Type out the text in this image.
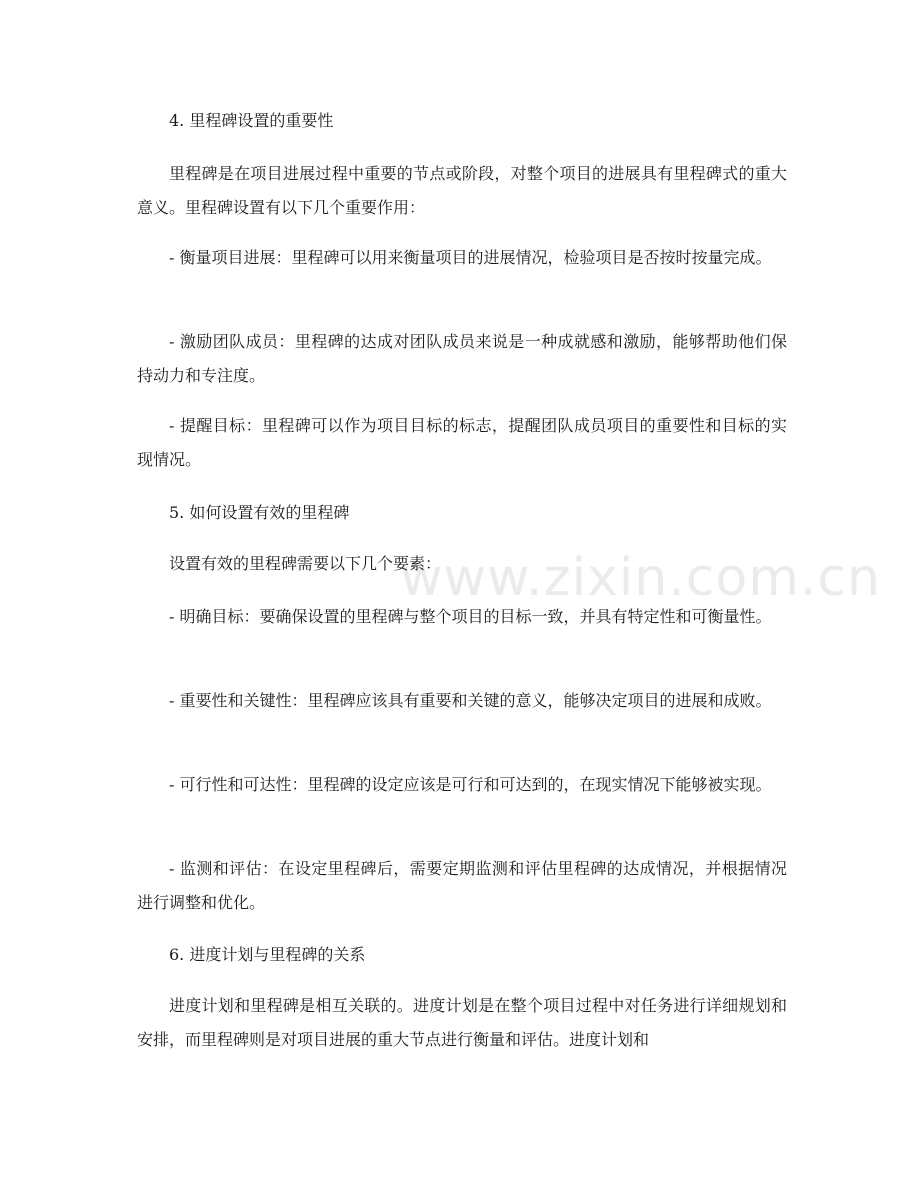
www.zixin.com.cn

4. 里程碑设置的重要性

里程碑是在项目进展过程中重要的节点或阶段，对整个项目的进展具有里程碑式的重大意义。里程碑设置有以下几个重要作用：

- 衡量项目进展：里程碑可以用来衡量项目的进展情况，检验项目是否按时按量完成。

- 激励团队成员：里程碑的达成对团队成员来说是一种成就感和激励，能够帮助他们保持动力和专注度。

- 提醒目标：里程碑可以作为项目目标的标志，提醒团队成员项目的重要性和目标的实现情况。

5. 如何设置有效的里程碑

设置有效的里程碑需要以下几个要素：

- 明确目标：要确保设置的里程碑与整个项目的目标一致，并具有特定性和可衡量性。

- 重要性和关键性：里程碑应该具有重要和关键的意义，能够决定项目的进展和成败。

- 可行性和可达性：里程碑的设定应该是可行和可达到的，在现实情况下能够被实现。

- 监测和评估：在设定里程碑后，需要定期监测和评估里程碑的达成情况，并根据情况进行调整和优化。

6. 进度计划与里程碑的关系

进度计划和里程碑是相互关联的。进度计划是在整个项目过程中对任务进行详细规划和安排，而里程碑则是对项目进展的重大节点进行衡量和评估。进度计划和
